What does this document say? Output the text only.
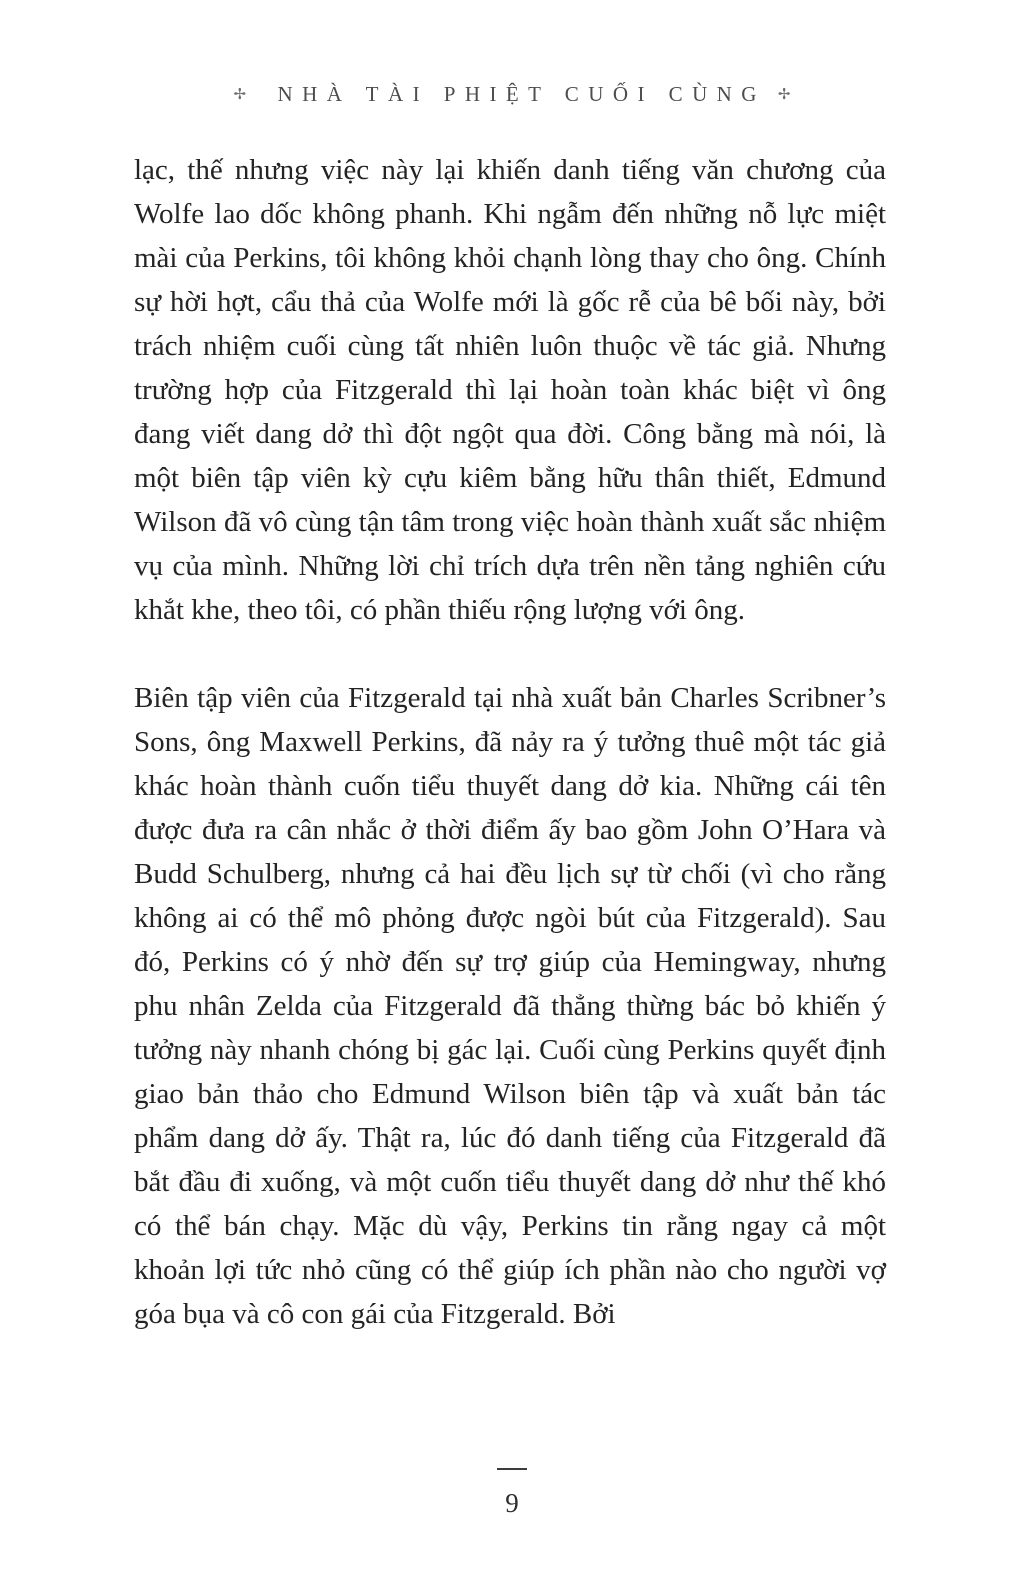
✢ NHÀ TÀI PHIỆT CUỐI CÙNG ✢

lạc, thế nhưng việc này lại khiến danh tiếng văn chương của Wolfe lao dốc không phanh. Khi ngẫm đến những nỗ lực miệt mài của Perkins, tôi không khỏi chạnh lòng thay cho ông. Chính sự hời hợt, cẩu thả của Wolfe mới là gốc rễ của bê bối này, bởi trách nhiệm cuối cùng tất nhiên luôn thuộc về tác giả. Nhưng trường hợp của Fitzgerald thì lại hoàn toàn khác biệt vì ông đang viết dang dở thì đột ngột qua đời. Công bằng mà nói, là một biên tập viên kỳ cựu kiêm bằng hữu thân thiết, Edmund Wilson đã vô cùng tận tâm trong việc hoàn thành xuất sắc nhiệm vụ của mình. Những lời chỉ trích dựa trên nền tảng nghiên cứu khắt khe, theo tôi, có phần thiếu rộng lượng với ông.

Biên tập viên của Fitzgerald tại nhà xuất bản Charles Scribner’s Sons, ông Maxwell Perkins, đã nảy ra ý tưởng thuê một tác giả khác hoàn thành cuốn tiểu thuyết dang dở kia. Những cái tên được đưa ra cân nhắc ở thời điểm ấy bao gồm John O’Hara và Budd Schulberg, nhưng cả hai đều lịch sự từ chối (vì cho rằng không ai có thể mô phỏng được ngòi bút của Fitzgerald). Sau đó, Perkins có ý nhờ đến sự trợ giúp của Hemingway, nhưng phu nhân Zelda của Fitzgerald đã thẳng thừng bác bỏ khiến ý tưởng này nhanh chóng bị gác lại. Cuối cùng Perkins quyết định giao bản thảo cho Edmund Wilson biên tập và xuất bản tác phẩm dang dở ấy. Thật ra, lúc đó danh tiếng của Fitzgerald đã bắt đầu đi xuống, và một cuốn tiểu thuyết dang dở như thế khó có thể bán chạy. Mặc dù vậy, Perkins tin rằng ngay cả một khoản lợi tức nhỏ cũng có thể giúp ích phần nào cho người vợ góa bụa và cô con gái của Fitzgerald. Bởi

9
